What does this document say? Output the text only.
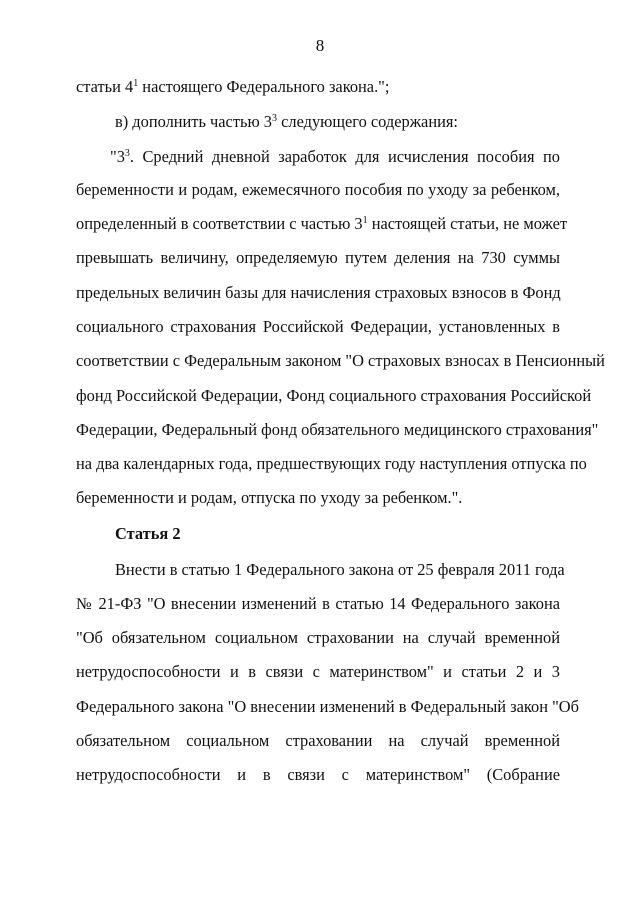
8
статьи $4^1$ настоящего Федерального закона.";
в) дополнить частью $3^3$ следующего содержания:
"$3^3$. Средний дневной заработок для исчисления пособия по
беременности и родам, ежемесячного пособия по уходу за ребенком,
определенный в соответствии с частью $3^1$ настоящей статьи, не может
превышать величину, определяемую путем деления на 730 суммы
предельных величин базы для начисления страховых взносов в Фонд
социального страхования Российской Федерации, установленных в
соответствии с Федеральным законом "О страховых взносах в Пенсионный
фонд Российской Федерации, Фонд социального страхования Российской
Федерации, Федеральный фонд обязательного медицинского страхования"
на два календарных года, предшествующих году наступления отпуска по
беременности и родам, отпуска по уходу за ребенком.".
Статья 2
Внести в статью 1 Федерального закона от 25 февраля 2011 года
№ 21-ФЗ "О внесении изменений в статью 14 Федерального закона
"Об обязательном социальном страховании на случай временной
нетрудоспособности и в связи с материнством" и статьи 2 и 3
Федерального закона "О внесении изменений в Федеральный закон "Об
обязательном социальном страховании на случай временной
нетрудоспособности и в связи с материнством" (Собрание
